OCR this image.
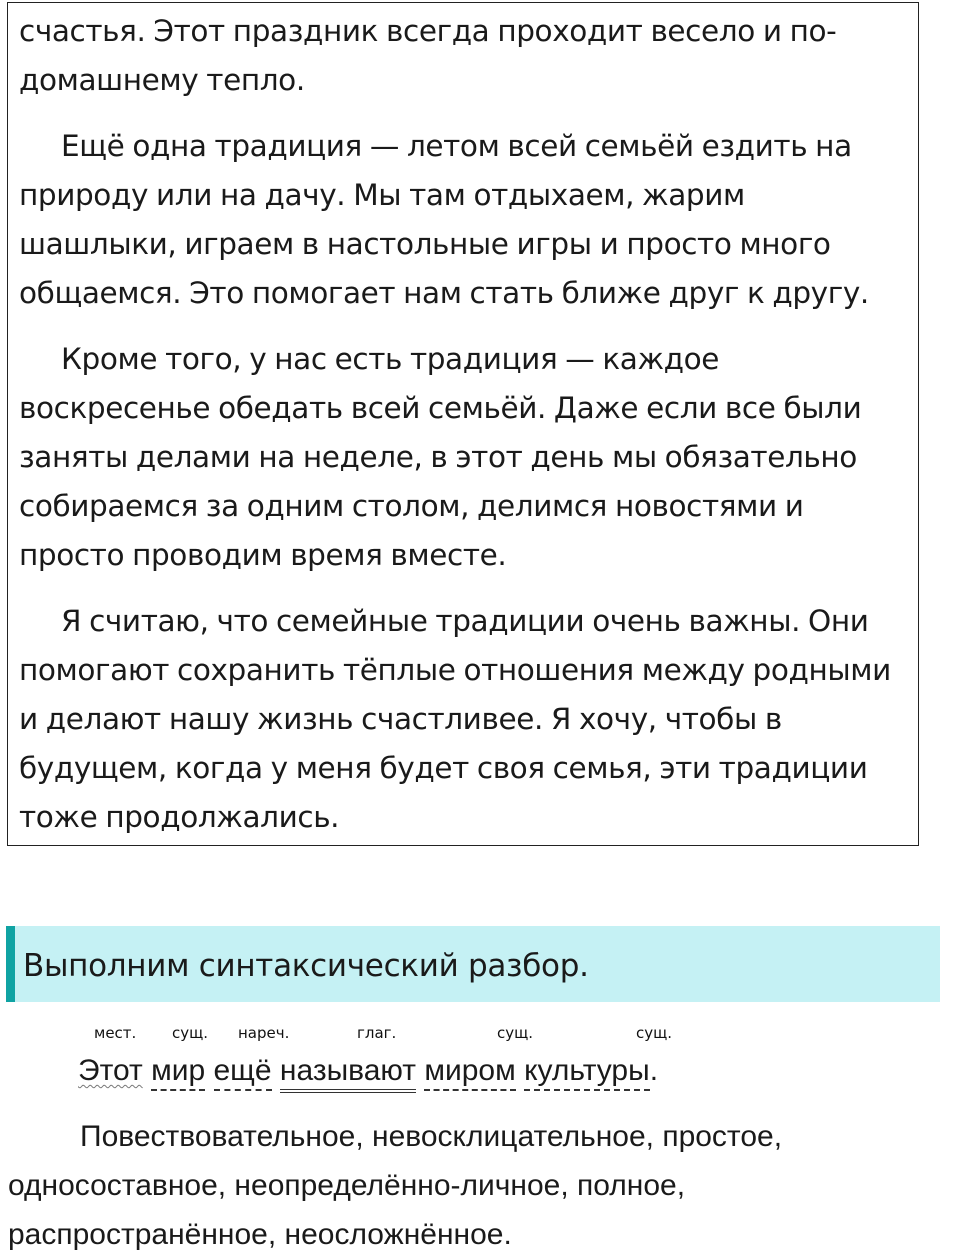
счастья. Этот праздник всегда проходит весело и по-домашнему тепло.

Ещё одна традиция — летом всей семьёй ездить на природу или на дачу. Мы там отдыхаем, жарим шашлыки, играем в настольные игры и просто много общаемся. Это помогает нам стать ближе друг к другу.

Кроме того, у нас есть традиция — каждое воскресенье обедать всей семьёй. Даже если все были заняты делами на неделе, в этот день мы обязательно собираемся за одним столом, делимся новостями и просто проводим время вместе.

Я считаю, что семейные традиции очень важны. Они помогают сохранить тёплые отношения между родными и делают нашу жизнь счастливее. Я хочу, чтобы в будущем, когда у меня будет своя семья, эти традиции тоже продолжались.

Выполним синтаксический разбор.
мест. сущ. нареч.	глаг.	сущ.	сущ.
Этот мир ещё называют миром культуры.

Повествовательное, невосклицательное, простое, односоставное, неопределённо-личное, полное, распространённое, неосложнённое.
